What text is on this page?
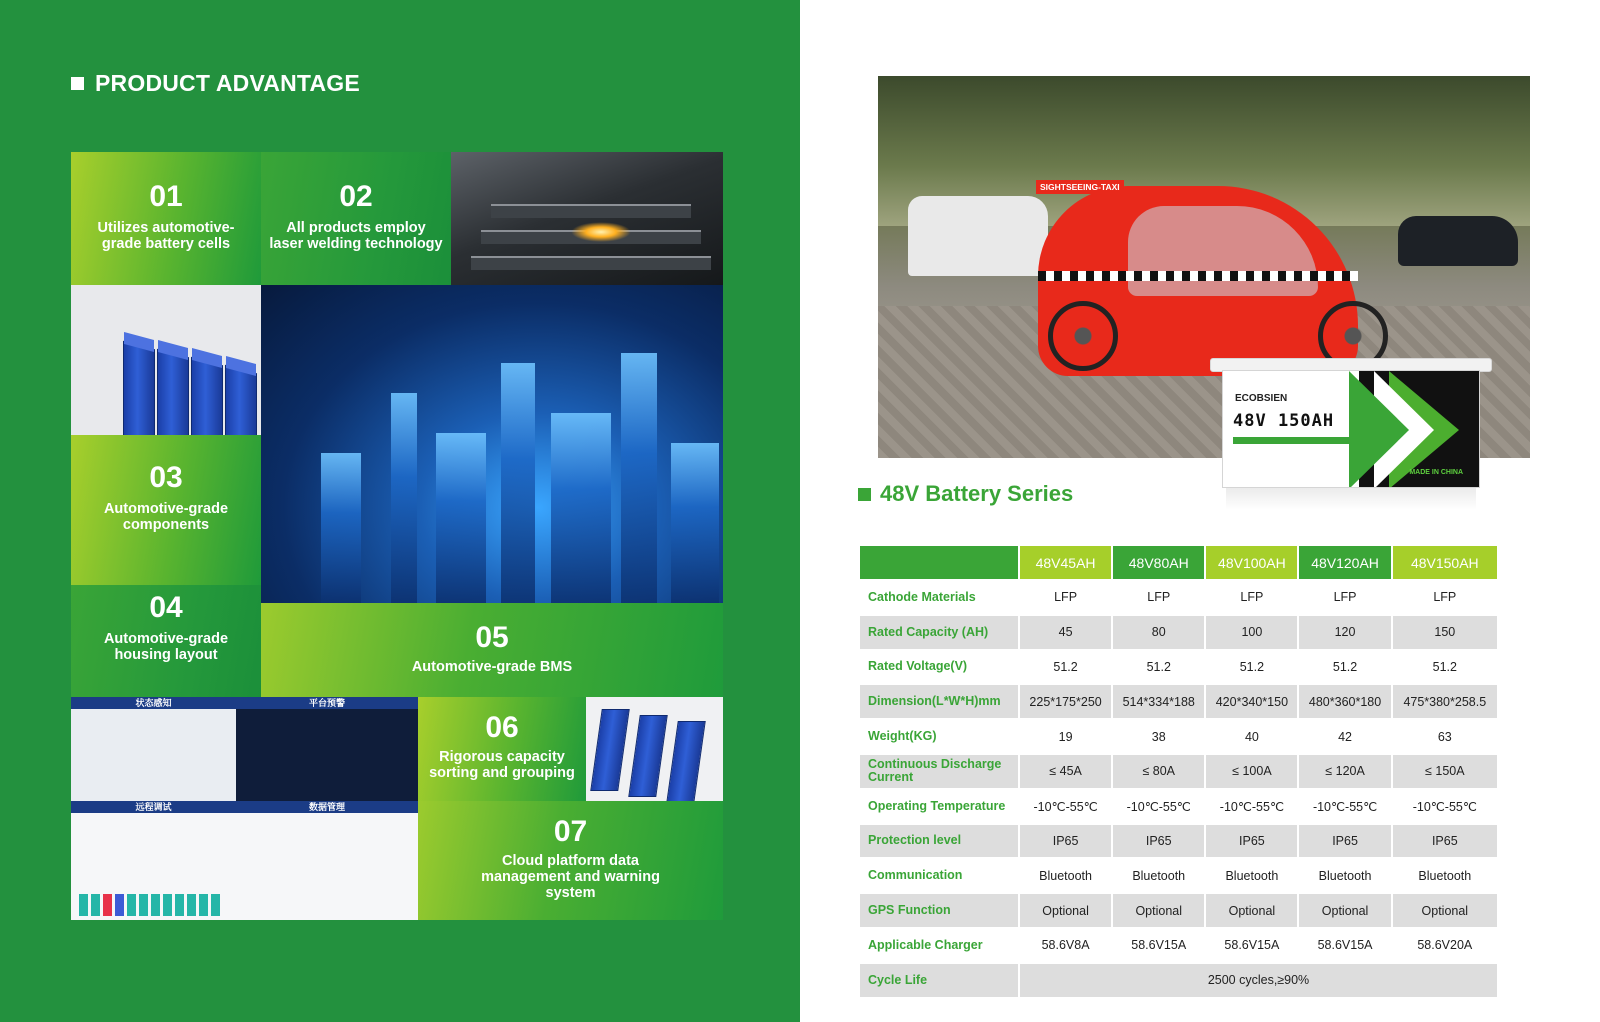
PRODUCT ADVANTAGE
01
Utilizes automotive-grade battery cells
02
All products employ laser welding technology
03
Automotive-grade components
04
Automotive-grade housing layout
05
Automotive-grade BMS
状态感知	平台预警
06
Rigorous capacity sorting and grouping
远程调试	数据管理
07
Cloud platform data management and warning system
SIGHTSEEING-TAXI
ECOBSIEN
48V 150AH
MADE IN CHINA
48V Battery Series
	48V45AH	48V80AH	48V100AH	48V120AH	48V150AH
Cathode Materials	LFP	LFP	LFP	LFP	LFP
Rated Capacity (AH)	45	80	100	120	150
Rated Voltage(V)	51.2	51.2	51.2	51.2	51.2
Dimension(L*W*H)mm	225*175*250	514*334*188	420*340*150	480*360*180	475*380*258.5
Weight(KG)	19	38	40	42	63
Continuous Discharge Current	≤ 45A	≤ 80A	≤ 100A	≤ 120A	≤ 150A
Operating Temperature	-10℃-55℃	-10℃-55℃	-10℃-55℃	-10℃-55℃	-10℃-55℃
Protection level	IP65	IP65	IP65	IP65	IP65
Communication	Bluetooth	Bluetooth	Bluetooth	Bluetooth	Bluetooth
GPS Function	Optional	Optional	Optional	Optional	Optional
Applicable Charger	58.6V8A	58.6V15A	58.6V15A	58.6V15A	58.6V20A
Cycle Life	2500 cycles,≥90%				
